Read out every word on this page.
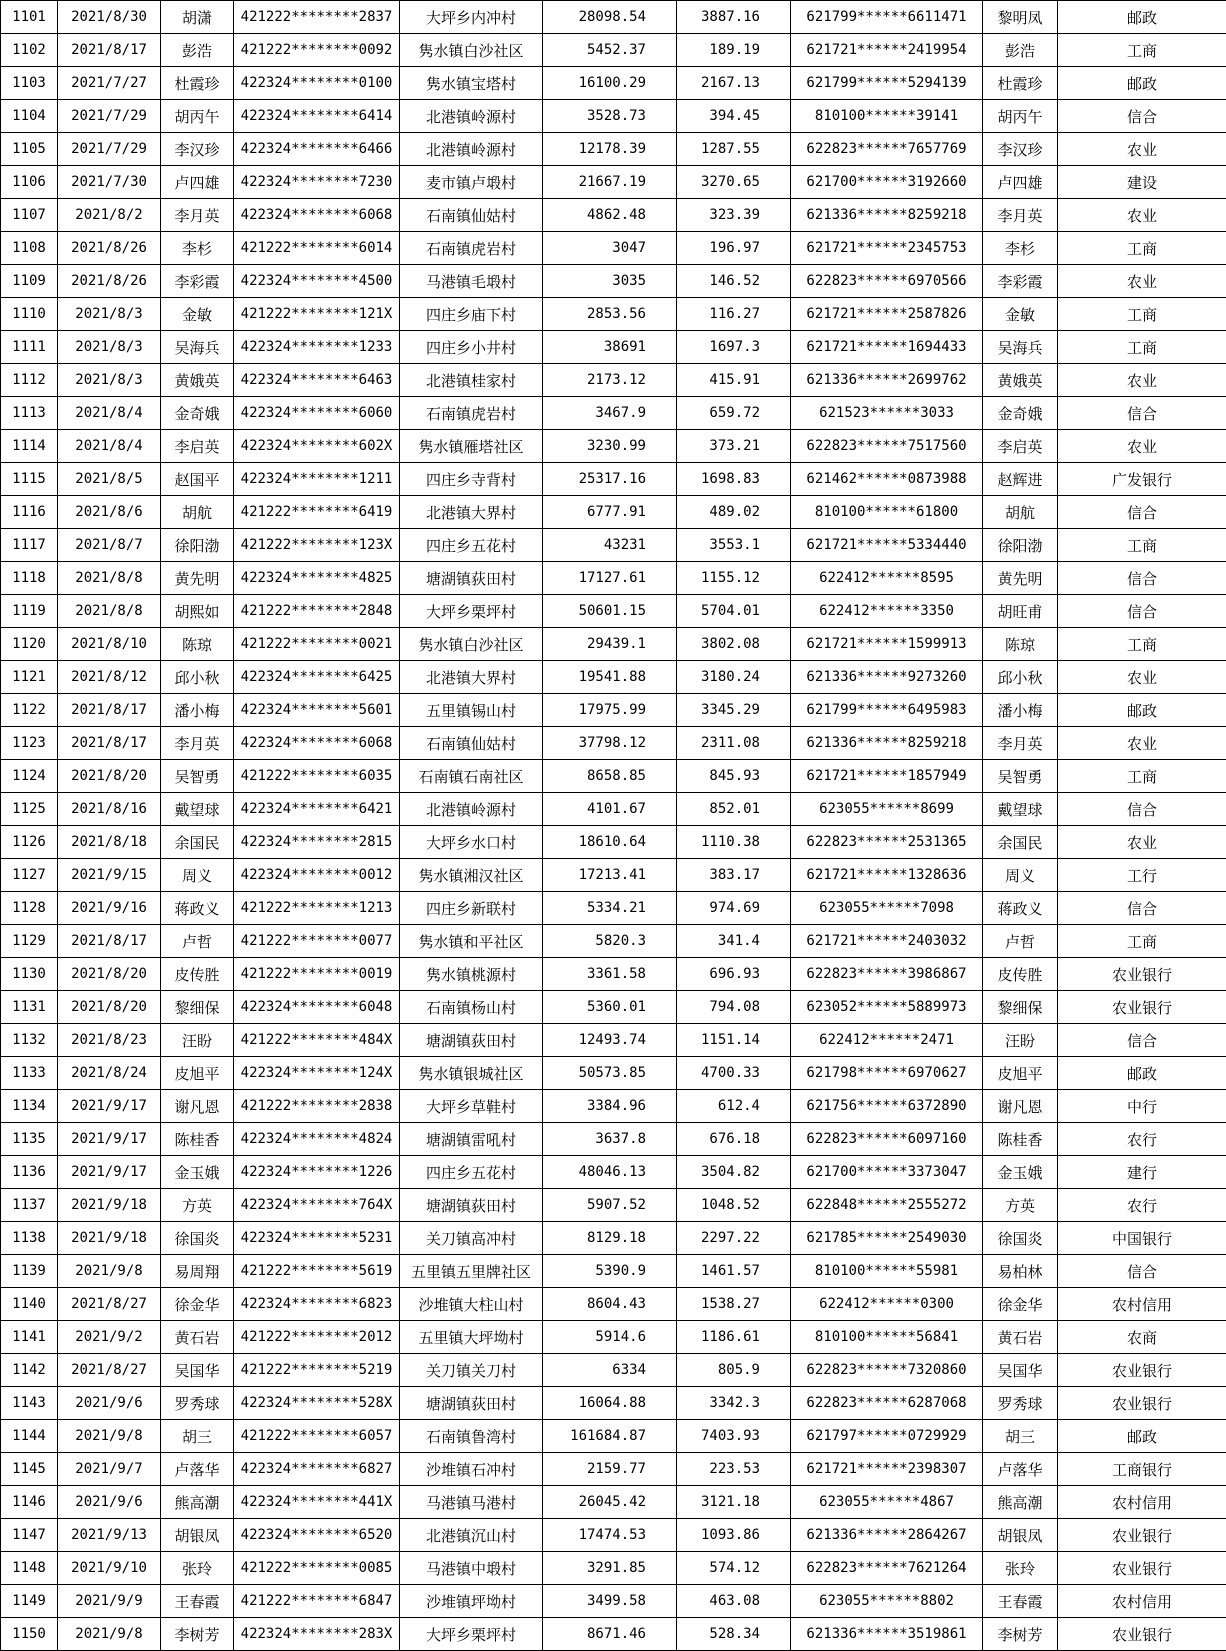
1101	2021/8/30	胡潇	421222********2837	大坪乡内冲村	28098.54	3887.16	621799******6611471	黎明凤	邮政
1102	2021/8/17	彭浩	421222********0092	隽水镇白沙社区	5452.37	189.19	621721******2419954	彭浩	工商
1103	2021/7/27	杜霞珍	422324********0100	隽水镇宝塔村	16100.29	2167.13	621799******5294139	杜霞珍	邮政
1104	2021/7/29	胡丙午	422324********6414	北港镇岭源村	3528.73	394.45	810100******39141	胡丙午	信合
1105	2021/7/29	李汉珍	422324********6466	北港镇岭源村	12178.39	1287.55	622823******7657769	李汉珍	农业
1106	2021/7/30	卢四雄	422324********7230	麦市镇卢塅村	21667.19	3270.65	621700******3192660	卢四雄	建设
1107	2021/8/2	李月英	422324********6068	石南镇仙姑村	4862.48	323.39	621336******8259218	李月英	农业
1108	2021/8/26	李杉	421222********6014	石南镇虎岩村	3047	196.97	621721******2345753	李杉	工商
1109	2021/8/26	李彩霞	422324********4500	马港镇毛塅村	3035	146.52	622823******6970566	李彩霞	农业
1110	2021/8/3	金敏	421222********121X	四庄乡庙下村	2853.56	116.27	621721******2587826	金敏	工商
1111	2021/8/3	吴海兵	422324********1233	四庄乡小井村	38691	1697.3	621721******1694433	吴海兵	工商
1112	2021/8/3	黄娥英	422324********6463	北港镇桂家村	2173.12	415.91	621336******2699762	黄娥英	农业
1113	2021/8/4	金奇娥	422324********6060	石南镇虎岩村	3467.9	659.72	621523******3033	金奇娥	信合
1114	2021/8/4	李启英	422324********602X	隽水镇雁塔社区	3230.99	373.21	622823******7517560	李启英	农业
1115	2021/8/5	赵国平	422324********1211	四庄乡寺背村	25317.16	1698.83	621462******0873988	赵辉进	广发银行
1116	2021/8/6	胡航	421222********6419	北港镇大界村	6777.91	489.02	810100******61800	胡航	信合
1117	2021/8/7	徐阳渤	421222********123X	四庄乡五花村	43231	3553.1	621721******5334440	徐阳渤	工商
1118	2021/8/8	黄先明	422324********4825	塘湖镇荻田村	17127.61	1155.12	622412******8595	黄先明	信合
1119	2021/8/8	胡熙如	421222********2848	大坪乡栗坪村	50601.15	5704.01	622412******3350	胡旺甫	信合
1120	2021/8/10	陈琼	421222********0021	隽水镇白沙社区	29439.1	3802.08	621721******1599913	陈琼	工商
1121	2021/8/12	邱小秋	422324********6425	北港镇大界村	19541.88	3180.24	621336******9273260	邱小秋	农业
1122	2021/8/17	潘小梅	422324********5601	五里镇锡山村	17975.99	3345.29	621799******6495983	潘小梅	邮政
1123	2021/8/17	李月英	422324********6068	石南镇仙姑村	37798.12	2311.08	621336******8259218	李月英	农业
1124	2021/8/20	吴智勇	421222********6035	石南镇石南社区	8658.85	845.93	621721******1857949	吴智勇	工商
1125	2021/8/16	戴望球	422324********6421	北港镇岭源村	4101.67	852.01	623055******8699	戴望球	信合
1126	2021/8/18	余国民	422324********2815	大坪乡水口村	18610.64	1110.38	622823******2531365	余国民	农业
1127	2021/9/15	周义	422324********0012	隽水镇湘汉社区	17213.41	383.17	621721******1328636	周义	工行
1128	2021/9/16	蒋政义	421222********1213	四庄乡新联村	5334.21	974.69	623055******7098	蒋政义	信合
1129	2021/8/17	卢哲	421222********0077	隽水镇和平社区	5820.3	341.4	621721******2403032	卢哲	工商
1130	2021/8/20	皮传胜	421222********0019	隽水镇桃源村	3361.58	696.93	622823******3986867	皮传胜	农业银行
1131	2021/8/20	黎细保	422324********6048	石南镇杨山村	5360.01	794.08	623052******5889973	黎细保	农业银行
1132	2021/8/23	汪盼	421222********484X	塘湖镇荻田村	12493.74	1151.14	622412******2471	汪盼	信合
1133	2021/8/24	皮旭平	422324********124X	隽水镇银城社区	50573.85	4700.33	621798******6970627	皮旭平	邮政
1134	2021/9/17	谢凡恩	421222********2838	大坪乡草鞋村	3384.96	612.4	621756******6372890	谢凡恩	中行
1135	2021/9/17	陈桂香	422324********4824	塘湖镇雷吼村	3637.8	676.18	622823******6097160	陈桂香	农行
1136	2021/9/17	金玉娥	422324********1226	四庄乡五花村	48046.13	3504.82	621700******3373047	金玉娥	建行
1137	2021/9/18	方英	422324********764X	塘湖镇荻田村	5907.52	1048.52	622848******2555272	方英	农行
1138	2021/9/18	徐国炎	422324********5231	关刀镇高冲村	8129.18	2297.22	621785******2549030	徐国炎	中国银行
1139	2021/9/8	易周翔	421222********5619	五里镇五里牌社区	5390.9	1461.57	810100******55981	易柏林	信合
1140	2021/8/27	徐金华	422324********6823	沙堆镇大柱山村	8604.43	1538.27	622412******0300	徐金华	农村信用
1141	2021/9/2	黄石岩	421222********2012	五里镇大坪坳村	5914.6	1186.61	810100******56841	黄石岩	农商
1142	2021/8/27	吴国华	421222********5219	关刀镇关刀村	6334	805.9	622823******7320860	吴国华	农业银行
1143	2021/9/6	罗秀球	422324********528X	塘湖镇荻田村	16064.88	3342.3	622823******6287068	罗秀球	农业银行
1144	2021/9/8	胡三	421222********6057	石南镇鲁湾村	161684.87	7403.93	621797******0729929	胡三	邮政
1145	2021/9/7	卢落华	422324********6827	沙堆镇石冲村	2159.77	223.53	621721******2398307	卢落华	工商银行
1146	2021/9/6	熊高潮	422324********441X	马港镇马港村	26045.42	3121.18	623055******4867	熊高潮	农村信用
1147	2021/9/13	胡银凤	422324********6520	北港镇沉山村	17474.53	1093.86	621336******2864267	胡银凤	农业银行
1148	2021/9/10	张玲	421222********0085	马港镇中塅村	3291.85	574.12	622823******7621264	张玲	农业银行
1149	2021/9/9	王春霞	421222********6847	沙堆镇坪坳村	3499.58	463.08	623055******8802	王春霞	农村信用
1150	2021/9/8	李树芳	422324********283X	大坪乡栗坪村	8671.46	528.34	621336******3519861	李树芳	农业银行
